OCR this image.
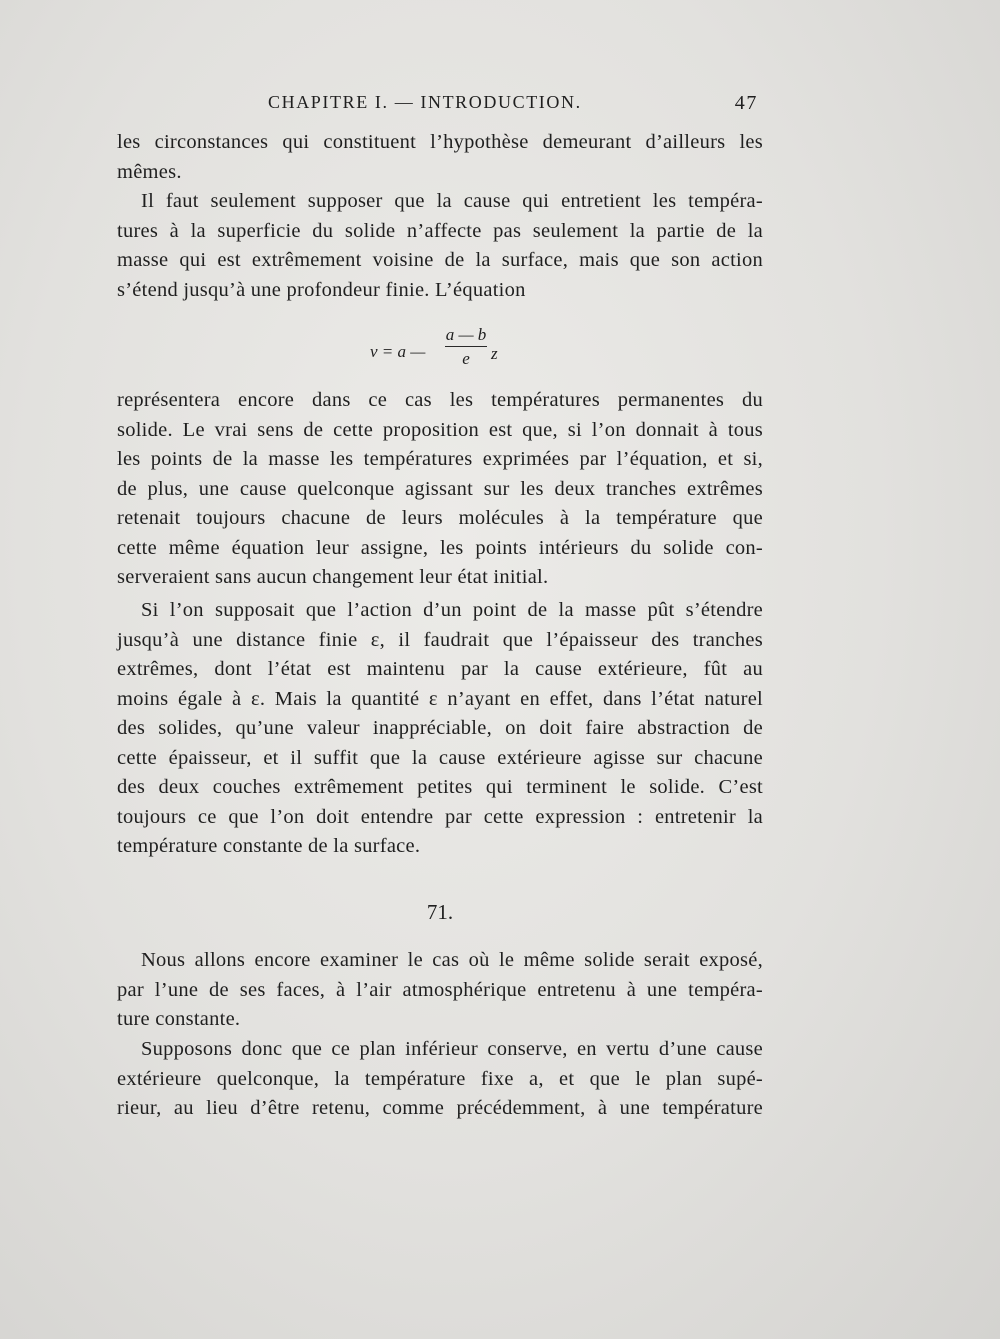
CHAPITRE I. — INTRODUCTION.	47
les circonstances qui constituent l’hypothèse demeurant d’ailleurs les
mêmes.
Il faut seulement supposer que la cause qui entretient les tempéra-
tures à la superficie du solide n’affecte pas seulement la partie de la
masse qui est extrêmement voisine de la surface, mais que son action
s’étend jusqu’à une profondeur finie. L’équation
v = a —
a — b
e	z
représentera encore dans ce cas les températures permanentes du
solide. Le vrai sens de cette proposition est que, si l’on donnait à tous
les points de la masse les températures exprimées par l’équation, et si,
de plus, une cause quelconque agissant sur les deux tranches extrêmes
retenait toujours chacune de leurs molécules à la température que
cette même équation leur assigne, les points intérieurs du solide con-
serveraient sans aucun changement leur état initial.
Si l’on supposait que l’action d’un point de la masse pût s’étendre
jusqu’à une distance finie ε, il faudrait que l’épaisseur des tranches
extrêmes, dont l’état est maintenu par la cause extérieure, fût au
moins égale à ε. Mais la quantité ε n’ayant en effet, dans l’état naturel
des solides, qu’une valeur inappréciable, on doit faire abstraction de
cette épaisseur, et il suffit que la cause extérieure agisse sur chacune
des deux couches extrêmement petites qui terminent le solide. C’est
toujours ce que l’on doit entendre par cette expression : entretenir la
température constante de la surface.
71.
Nous allons encore examiner le cas où le même solide serait exposé,
par l’une de ses faces, à l’air atmosphérique entretenu à une tempéra-
ture constante.
Supposons donc que ce plan inférieur conserve, en vertu d’une cause
extérieure quelconque, la température fixe a, et que le plan supé-
rieur, au lieu d’être retenu, comme précédemment, à une température
